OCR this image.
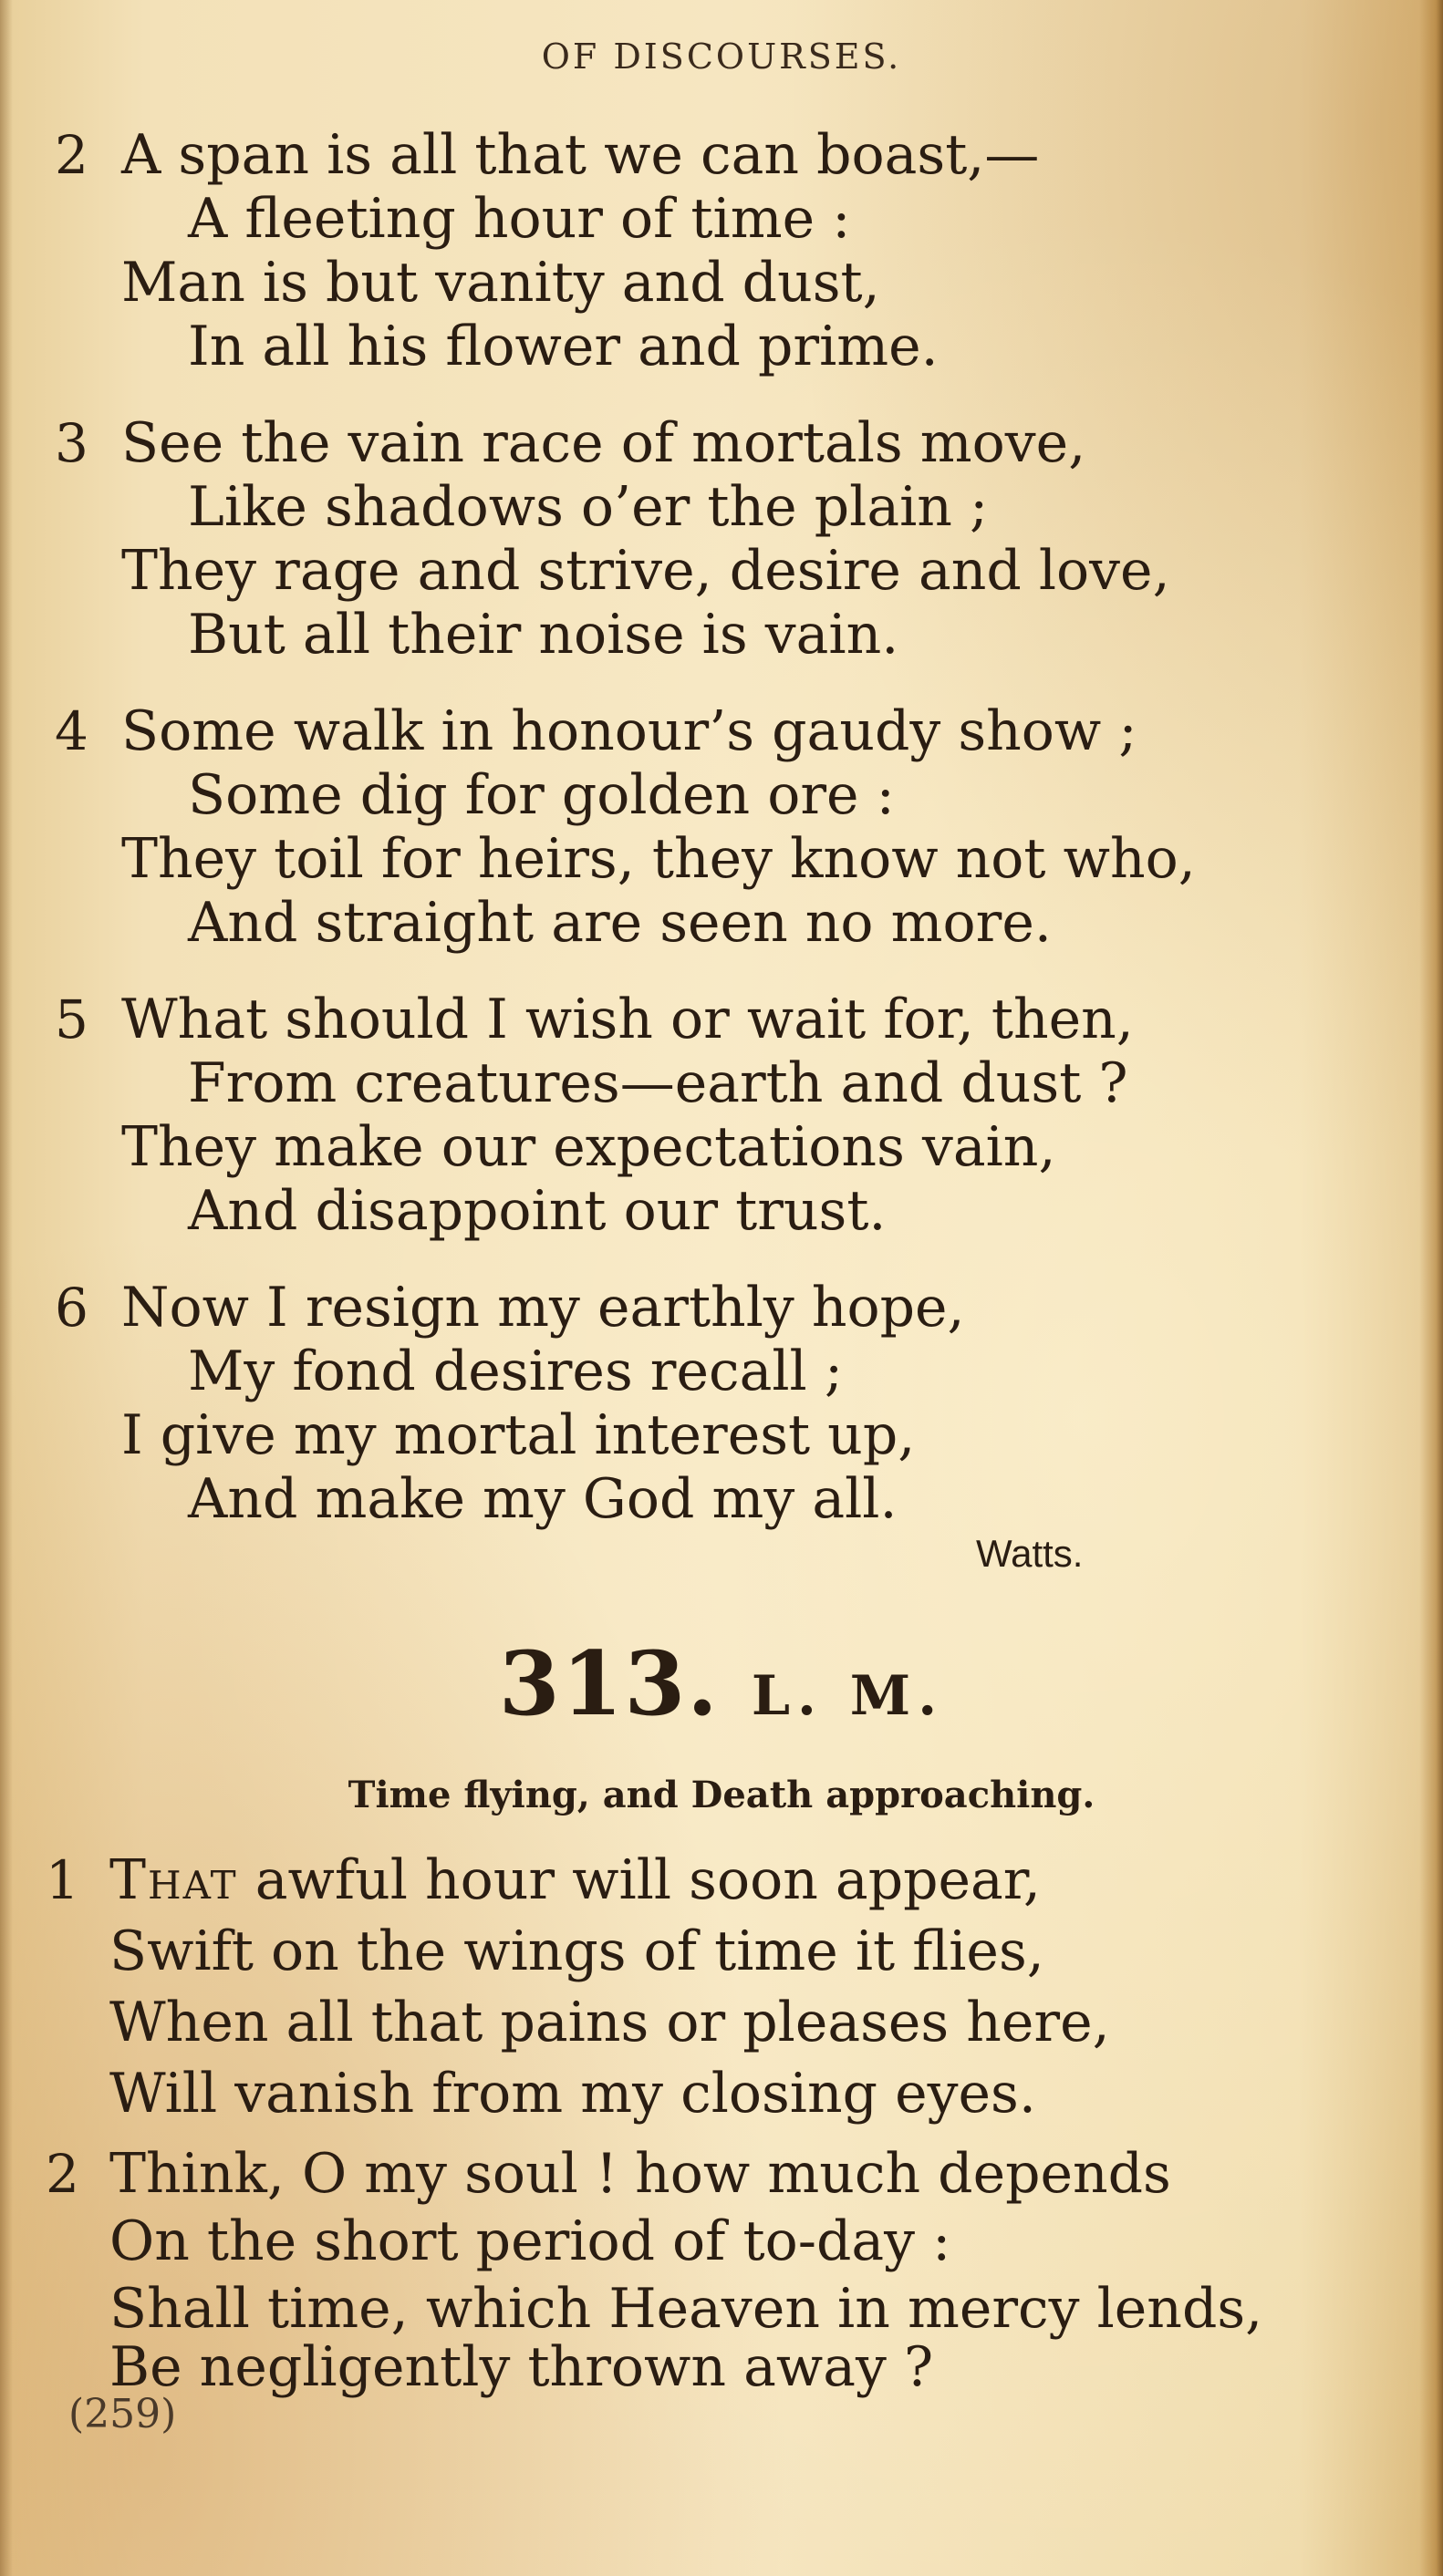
OF DISCOURSES.
2 A span is all that we can boast,—
A fleeting hour of time :
Man is but vanity and dust,
In all his flower and prime.
3 See the vain race of mortals move,
Like shadows o’er the plain ;
They rage and strive, desire and love,
But all their noise is vain.
4 Some walk in honour’s gaudy show ;
Some dig for golden ore :
They toil for heirs, they know not who,
And straight are seen no more.
5 What should I wish or wait for, then,
From creatures—earth and dust ?
They make our expectations vain,
And disappoint our trust.
6 Now I resign my earthly hope,
My fond desires recall ;
I give my mortal interest up,
And make my God my all.
Watts.
313. L. M.
Time flying, and Death approaching.
1 That awful hour will soon appear,
Swift on the wings of time it flies,
When all that pains or pleases here,
Will vanish from my closing eyes.
2 Think, O my soul ! how much depends
On the short period of to-day :
Shall time, which Heaven in mercy lends,
Be negligently thrown away ?
(259)
